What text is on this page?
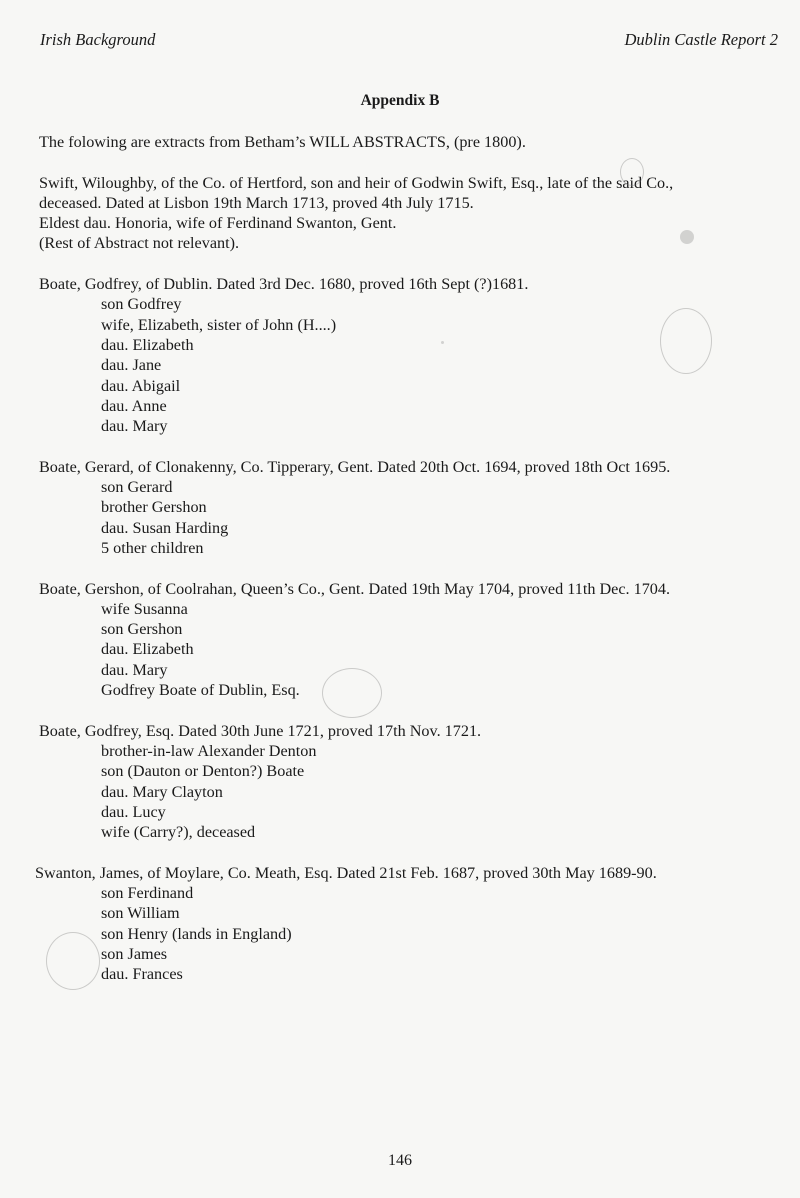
Irish Background	Dublin Castle Report 2
Appendix B

The folowing are extracts from Betham’s WILL ABSTRACTS, (pre 1800).

Swift, Wiloughby, of the Co. of Hertford, son and heir of Godwin Swift, Esq., late of the said Co.,
deceased. Dated at Lisbon 19th March 1713, proved 4th July 1715.
Eldest dau. Honoria, wife of Ferdinand Swanton, Gent.
(Rest of Abstract not relevant).
Boate, Godfrey, of Dublin. Dated 3rd Dec. 1680, proved 16th Sept (?)1681.
son Godfrey
wife, Elizabeth, sister of John (H....)
dau. Elizabeth
dau. Jane
dau. Abigail
dau. Anne
dau. Mary
Boate, Gerard, of Clonakenny, Co. Tipperary, Gent. Dated 20th Oct. 1694, proved 18th Oct 1695.
son Gerard
brother Gershon
dau. Susan Harding
5 other children
Boate, Gershon, of Coolrahan, Queen’s Co., Gent. Dated 19th May 1704, proved 11th Dec. 1704.
wife Susanna
son Gershon
dau. Elizabeth
dau. Mary
Godfrey Boate of Dublin, Esq.
Boate, Godfrey, Esq. Dated 30th June 1721, proved 17th Nov. 1721.
brother-in-law Alexander Denton
son (Dauton or Denton?) Boate
dau. Mary Clayton
dau. Lucy
wife (Carry?), deceased
Swanton, James, of Moylare, Co. Meath, Esq. Dated 21st Feb. 1687, proved 30th May 1689-90.
son Ferdinand
son William
son Henry (lands in England)
son James
dau. Frances
146
